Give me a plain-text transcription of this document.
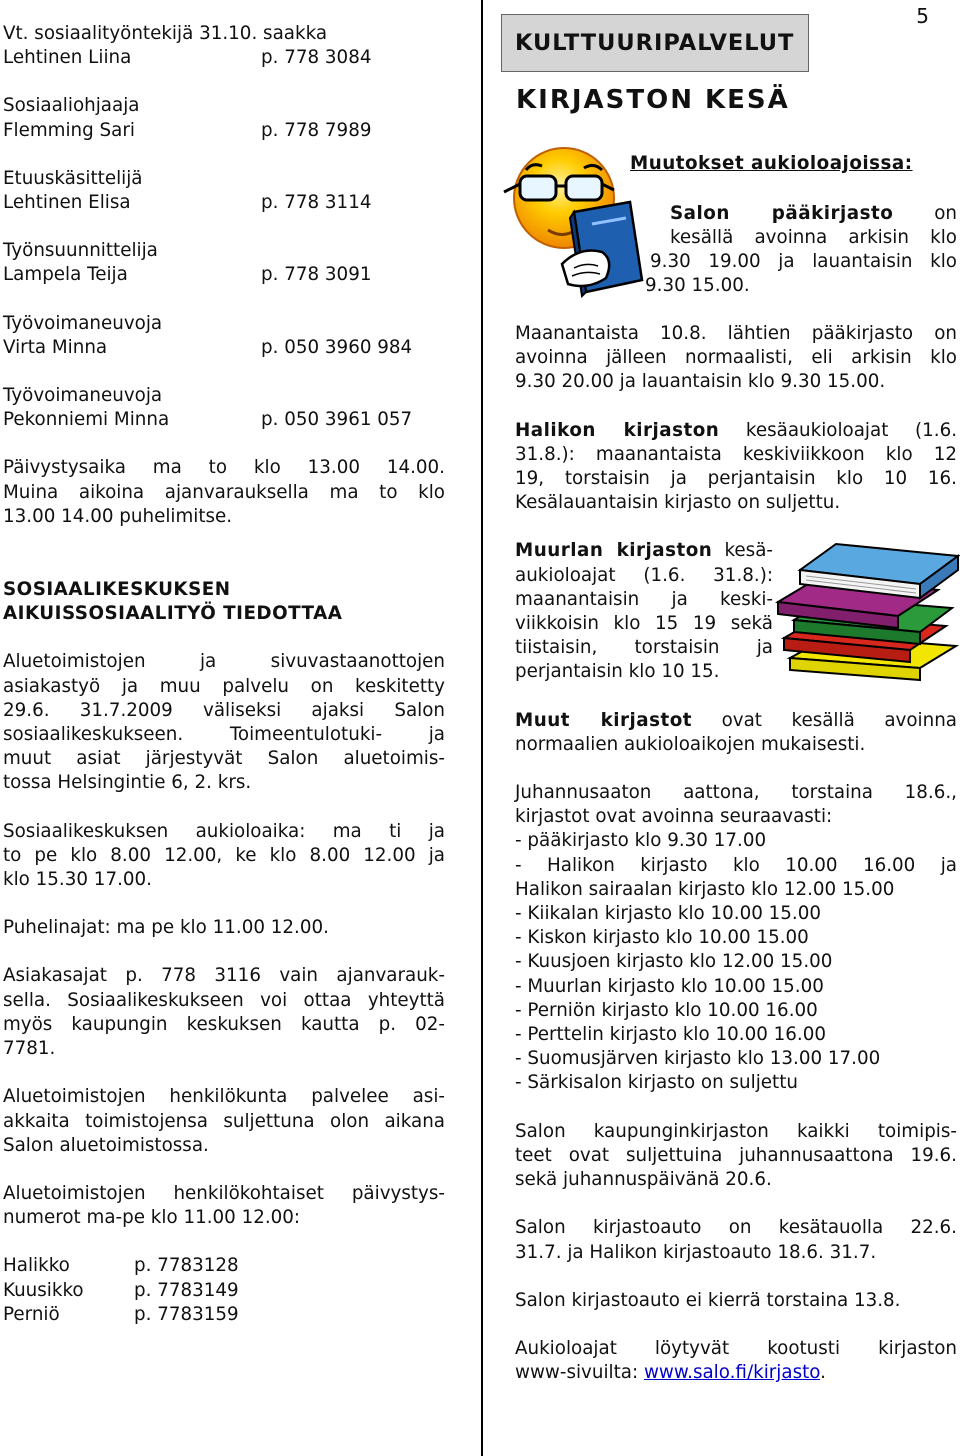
5

Vt. sosiaalityöntekijä 31.10. saakka

Lehtinen Liina	p. 778 3084

Sosiaaliohjaaja

Flemming Sari	p. 778 7989

Etuuskäsittelijä

Lehtinen Elisa	p. 778 3114

Työnsuunnittelija

Lampela Teija	p. 778 3091

Työvoimaneuvoja

Virta Minna	p. 050 3960 984

Työvoimaneuvoja

Pekonniemi Minna	p. 050 3961 057

Päivystysaika ma to klo 13.00 14.00.

Muina aikoina ajanvarauksella ma to klo

13.00 14.00 puhelimitse.

SOSIAALIKESKUKSEN

AIKUISSOSIAALITYÖ TIEDOTTAA

Aluetoimistojen ja sivuvastaanottojen

asiakastyö ja muu palvelu on keskitetty

29.6. 31.7.2009 väliseksi ajaksi Salon

sosiaalikeskukseen. Toimeentulotuki- ja

muut asiat järjestyvät Salon aluetoimis-

tossa Helsingintie 6, 2. krs.

Sosiaalikeskuksen aukioloaika: ma ti ja

to pe klo 8.00 12.00, ke klo 8.00 12.00 ja

klo 15.30 17.00.

Puhelinajat: ma pe klo 11.00 12.00.

Asiakasajat p. 778 3116 vain ajanvarauk-

sella. Sosiaalikeskukseen voi ottaa yhteyttä

myös kaupungin keskuksen kautta p. 02-

7781.

Aluetoimistojen henkilökunta palvelee asi-

akkaita toimistojensa suljettuna olon aikana

Salon aluetoimistossa.

Aluetoimistojen henkilökohtaiset päivystys-

numerot ma-pe klo 11.00 12.00:

Halikko	p. 7783128
Kuusikko	p. 7783149
Perniö	p. 7783159
KULTTUURIPALVELUT
KIRJASTON KESÄ
Muutokset aukioloajoissa:

Salon pääkirjasto on

kesällä avoinna arkisin klo

9.30 19.00 ja lauantaisin klo

9.30 15.00.

Maanantaista 10.8. lähtien pääkirjasto on

avoinna jälleen normaalisti, eli arkisin klo

9.30 20.00 ja lauantaisin klo 9.30 15.00.

Halikon kirjaston kesäaukioloajat (1.6.

31.8.): maanantaista keskiviikkoon klo 12

19, torstaisin ja perjantaisin klo 10 16.

Kesälauantaisin kirjasto on suljettu.

Muurlan kirjaston kesä-

aukioloajat (1.6. 31.8.):

maanantaisin ja keski-

viikkoisin klo 15 19 sekä

tiistaisin, torstaisin ja

perjantaisin klo 10 15.

Muut kirjastot ovat kesällä avoinna

normaalien aukioloaikojen mukaisesti.

Juhannusaaton aattona, torstaina 18.6.,

kirjastot ovat avoinna seuraavasti:

- pääkirjasto klo 9.30 17.00

- Halikon kirjasto klo 10.00 16.00 ja

Halikon sairaalan kirjasto klo 12.00 15.00

- Kiikalan kirjasto klo 10.00 15.00

- Kiskon kirjasto klo 10.00 15.00

- Kuusjoen kirjasto klo 12.00 15.00

- Muurlan kirjasto klo 10.00 15.00

- Perniön kirjasto klo 10.00 16.00

- Perttelin kirjasto klo 10.00 16.00

- Suomusjärven kirjasto klo 13.00 17.00

- Särkisalon kirjasto on suljettu

Salon kaupunginkirjaston kaikki toimipis-

teet ovat suljettuina juhannusaattona 19.6.

sekä juhannuspäivänä 20.6.

Salon kirjastoauto on kesätauolla 22.6.

31.7. ja Halikon kirjastoauto 18.6. 31.7.

Salon kirjastoauto ei kierrä torstaina 13.8.

Aukioloajat löytyvät kootusti kirjaston

www-sivuilta: www.salo.fi/kirjasto.
